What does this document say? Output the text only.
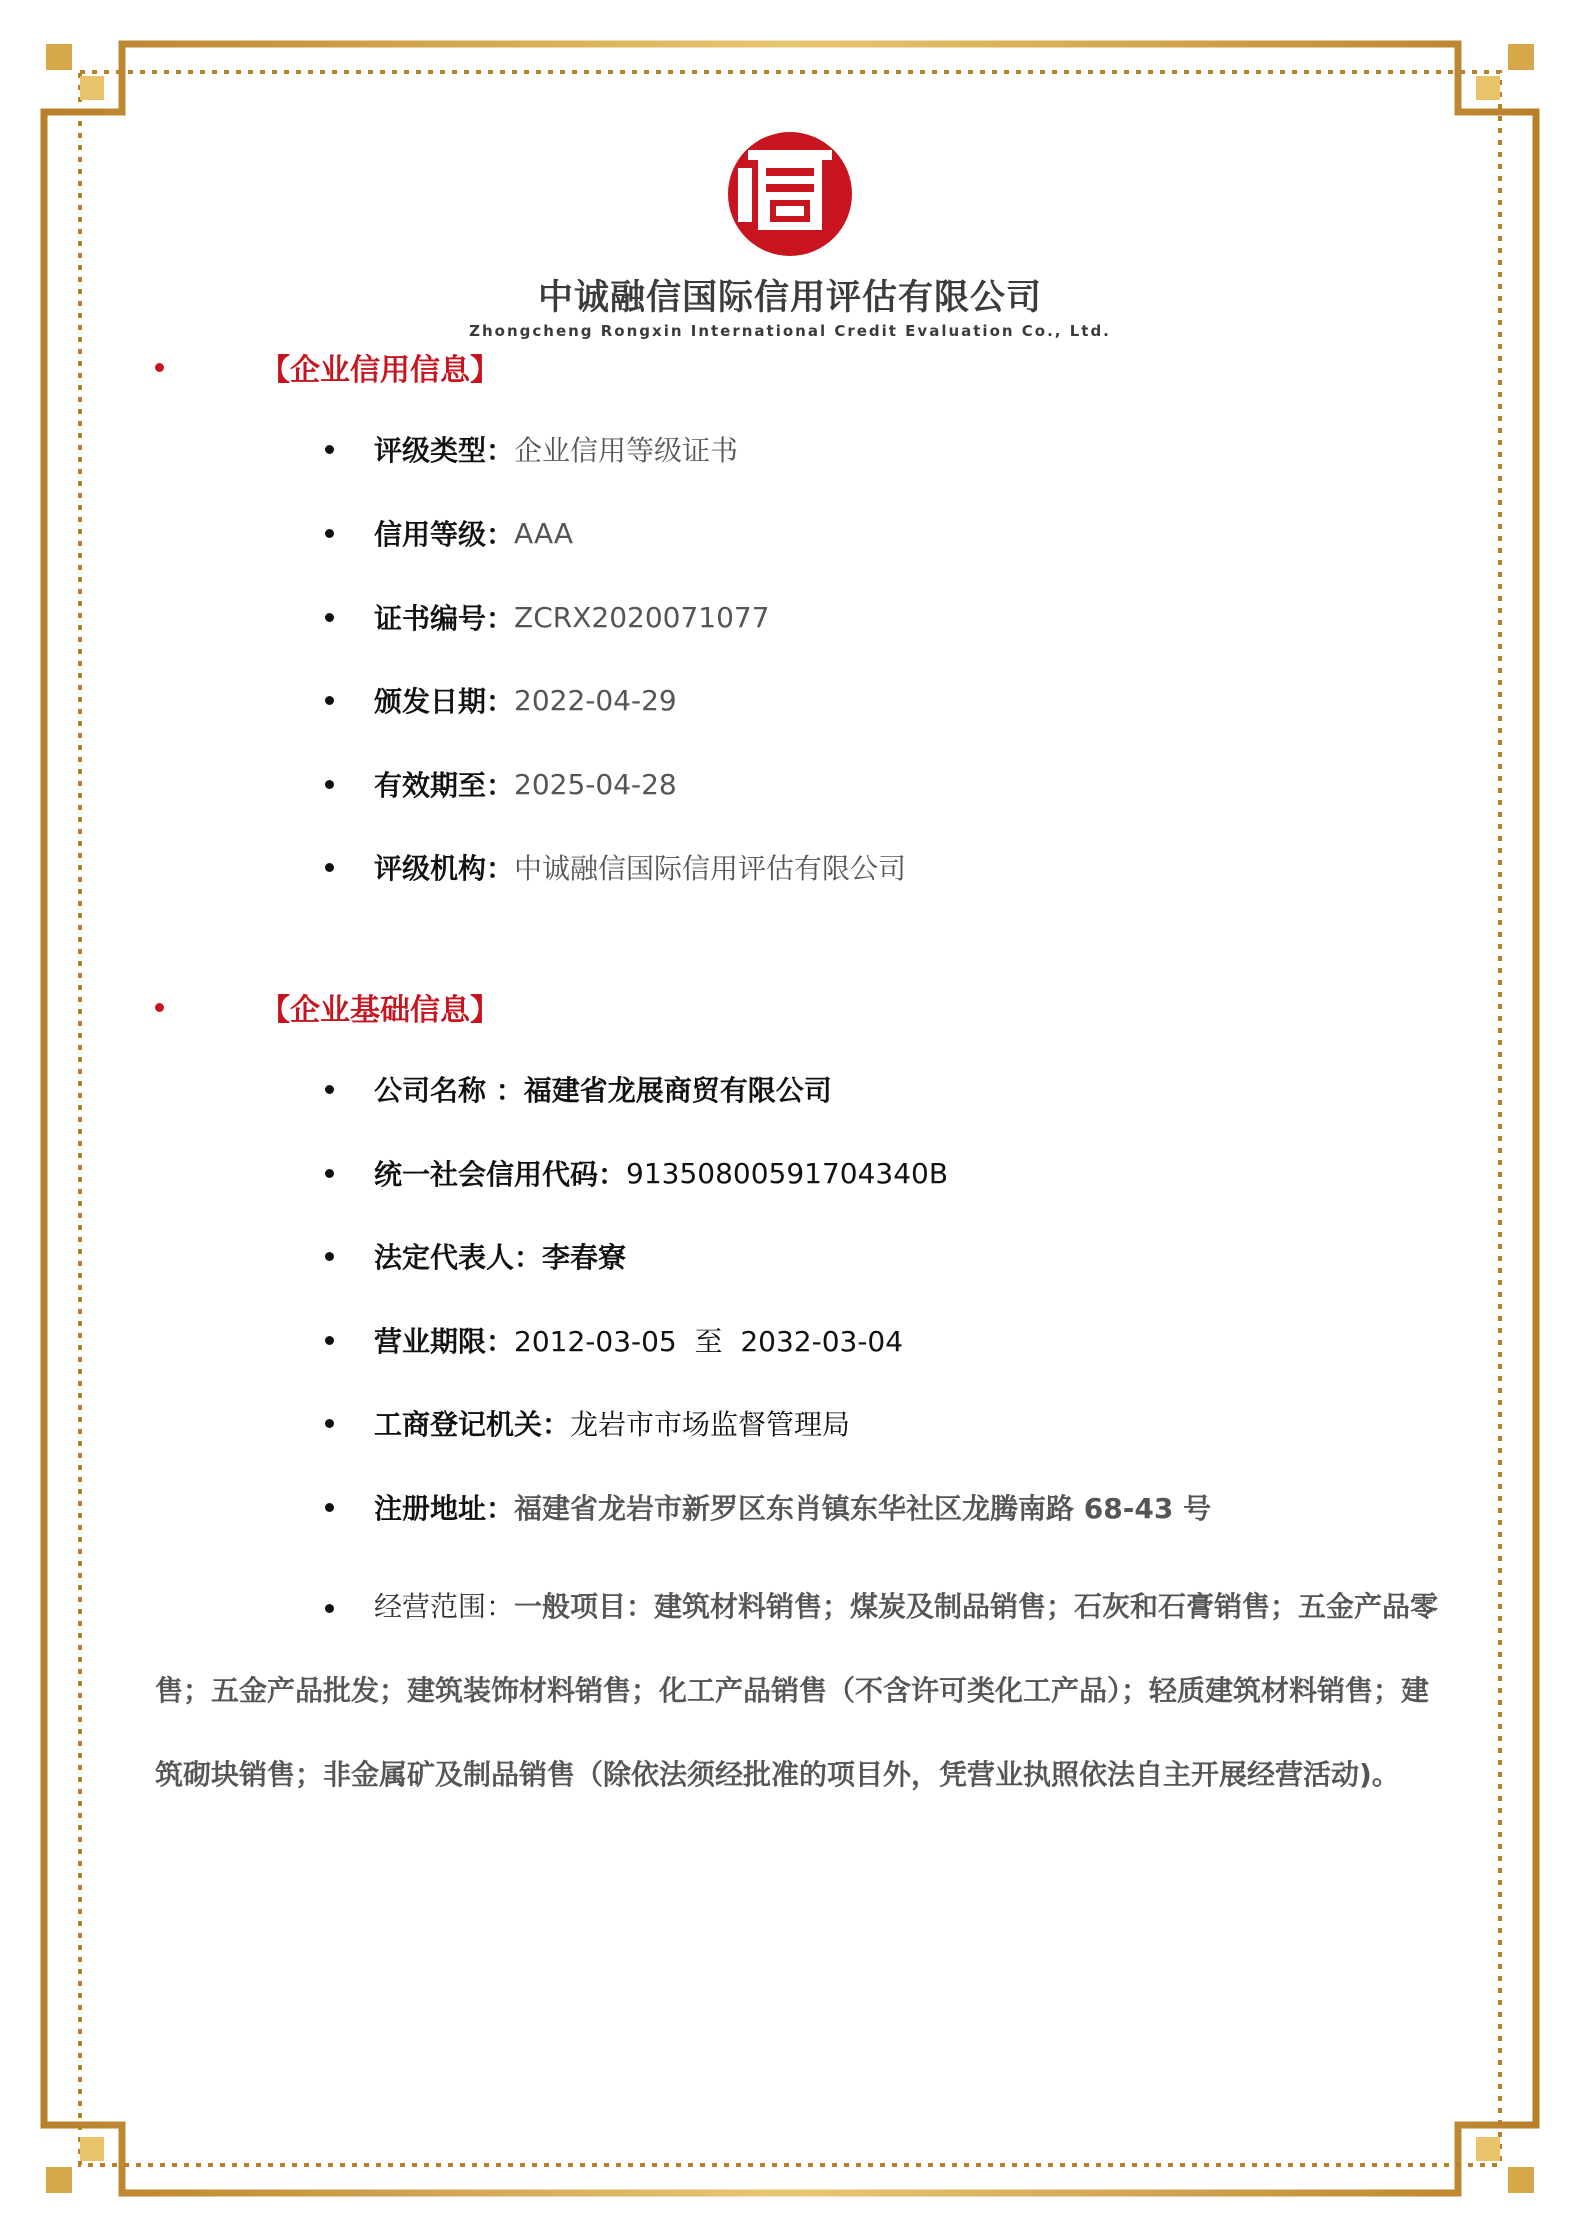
中诚融信国际信用评估有限公司
Zhongcheng Rongxin International Credit Evaluation Co., Ltd.
【企业信用信息】
评级类型： 企业信用等级证书
信用等级： AAA
证书编号： ZCRX2020071077
颁发日期： 2022-04-29
有效期至： 2025-04-28
评级机构： 中诚融信国际信用评估有限公司
【企业基础信息】
公司名称 ： 福建省龙展商贸有限公司
统一社会信用代码： 91350800591704340B
法定代表人： 李春寮
营业期限： 2012-03-05  至  2032-03-04
工商登记机关： 龙岩市市场监督管理局
注册地址： 福建省龙岩市新罗区东肖镇东华社区龙腾南路 68-43 号
经营范围：一般项目：建筑材料销售；煤炭及制品销售；石灰和石膏销售；五金产品零售；五金产品批发；建筑装饰材料销售；化工产品销售（不含许可类化工产品）；轻质建筑材料销售；建筑砌块销售；非金属矿及制品销售（除依法须经批准的项目外，凭营业执照依法自主开展经营活动)。
